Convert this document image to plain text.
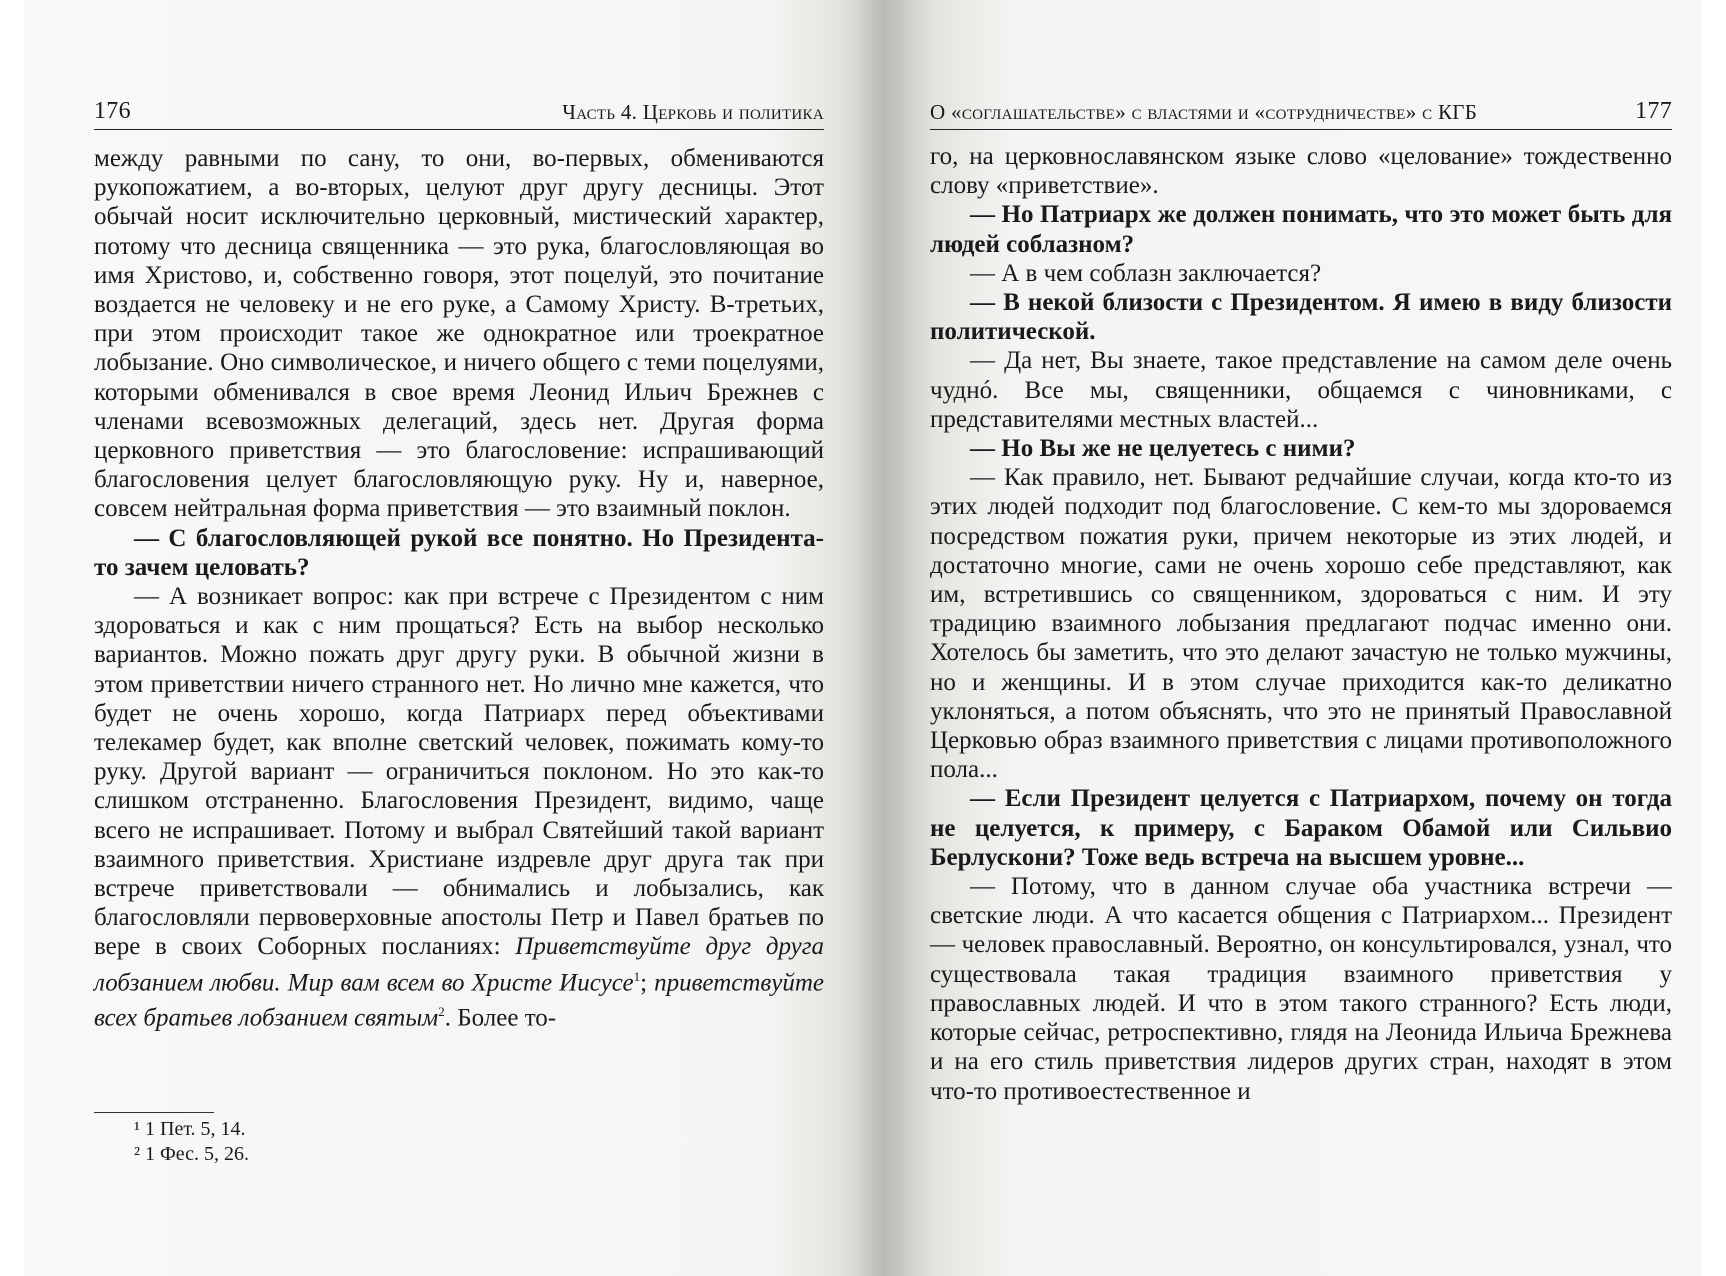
176	Часть 4. Церковь и политика

между равными по сану, то они, во-первых, обмениваются рукопожатием, а во-вторых, целуют друг другу десницы. Этот обычай носит исключительно церковный, мистический характер, потому что десница священника — это рука, благословляющая во имя Христово, и, собственно говоря, этот поцелуй, это почитание воздается не человеку и не его руке, а Самому Христу. В-третьих, при этом происходит такое же однократное или троекратное лобызание. Оно символическое, и ничего общего с теми поцелуями, которыми обменивался в свое время Леонид Ильич Брежнев с членами всевозможных делегаций, здесь нет. Другая форма церковного приветствия — это благословение: испрашивающий благословения целует благословляющую руку. Ну и, наверное, совсем нейтральная форма приветствия — это взаимный поклон.

— С благословляющей рукой все понятно. Но Президента-то зачем целовать?

— А возникает вопрос: как при встрече с Президентом с ним здороваться и как с ним прощаться? Есть на выбор несколько вариантов. Можно пожать друг другу руки. В обычной жизни в этом приветствии ничего странного нет. Но лично мне кажется, что будет не очень хорошо, когда Патриарх перед объективами телекамер будет, как вполне светский человек, пожимать кому-то руку. Другой вариант — ограничиться поклоном. Но это как-то слишком отстраненно. Благословения Президент, видимо, чаще всего не испрашивает. Потому и выбрал Святейший такой вариант взаимного приветствия. Христиане издревле друг друга так при встрече приветствовали — обнимались и лобызались, как благословляли первоверховные апостолы Петр и Павел братьев по вере в своих Соборных посланиях: Приветствуйте друг друга лобзанием любви. Мир вам всем во Христе Иисусе$^1$; приветствуйте всех братьев лобзанием святым$^2$. Более то-

¹ 1 Пет. 5, 14.
² 1 Фес. 5, 26.
О «соглашательстве» с властями и «сотрудничестве» с КГБ	177

го, на церковнославянском языке слово «целование» тождественно слову «приветствие».

— Но Патриарх же должен понимать, что это может быть для людей соблазном?

— А в чем соблазн заключается?

— В некой близости с Президентом. Я имею в виду близости политической.

— Да нет, Вы знаете, такое представление на самом деле очень чуднó. Все мы, священники, общаемся с чиновниками, с представителями местных властей...

— Но Вы же не целуетесь с ними?

— Как правило, нет. Бывают редчайшие случаи, когда кто-то из этих людей подходит под благословение. С кем-то мы здороваемся посредством пожатия руки, причем некоторые из этих людей, и достаточно многие, сами не очень хорошо себе представляют, как им, встретившись со священником, здороваться с ним. И эту традицию взаимного лобызания предлагают подчас именно они. Хотелось бы заметить, что это делают зачастую не только мужчины, но и женщины. И в этом случае приходится как-то деликатно уклоняться, а потом объяснять, что это не принятый Православной Церковью образ взаимного приветствия с лицами противоположного пола...

— Если Президент целуется с Патриархом, почему он тогда не целуется, к примеру, с Бараком Обамой или Сильвио Берлускони? Тоже ведь встреча на высшем уровне...

— Потому, что в данном случае оба участника встречи — светские люди. А что касается общения с Патриархом... Президент — человек православный. Вероятно, он консультировался, узнал, что существовала такая традиция взаимного приветствия у православных людей. И что в этом такого странного? Есть люди, которые сейчас, ретроспективно, глядя на Леонида Ильича Брежнева и на его стиль приветствия лидеров других стран, находят в этом что-то противоестественное и
